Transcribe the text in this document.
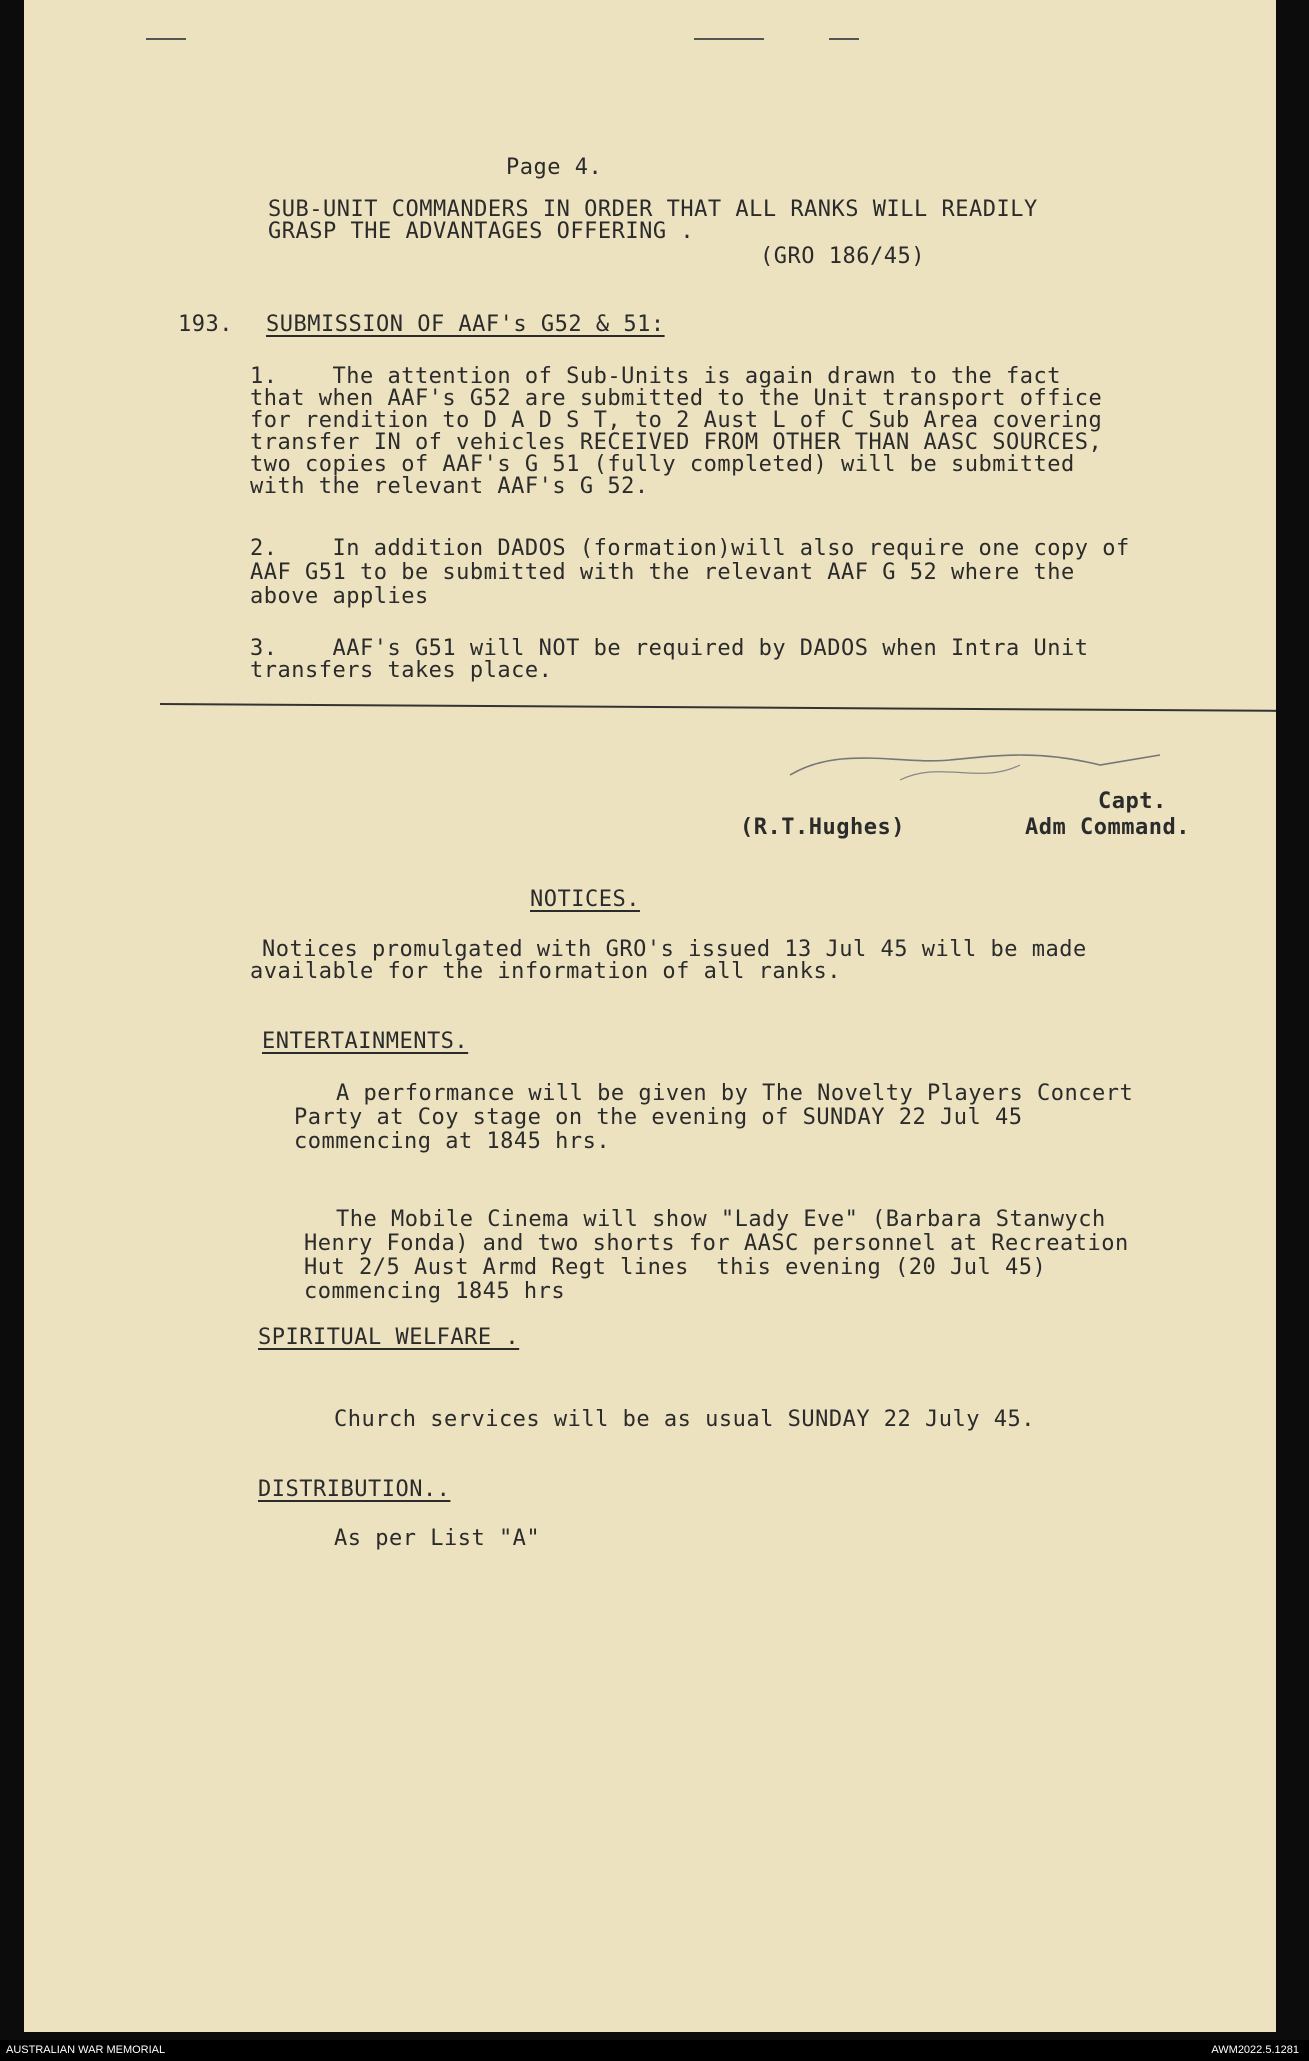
Page 4.
SUB-UNIT COMMANDERS IN ORDER THAT ALL RANKS WILL READILY
GRASP THE ADVANTAGES OFFERING .
(GRO 186/45)
193. SUBMISSION OF AAF's G52 & 51:
1.    The attention of Sub-Units is again drawn to the fact
that when AAF's G52 are submitted to the Unit transport office
for rendition to D A D S T, to 2 Aust L of C Sub Area covering
transfer IN of vehicles RECEIVED FROM OTHER THAN AASC SOURCES,
two copies of AAF's G 51 (fully completed) will be submitted
with the relevant AAF's G 52.
2.    In addition DADOS (formation)will also require one copy of
AAF G51 to be submitted with the relevant AAF G 52 where the
above applies
3.    AAF's G51 will NOT be required by DADOS when Intra Unit
transfers takes place.
Capt.
(R.T.Hughes)	Adm Command.
NOTICES.
Notices promulgated with GRO's issued 13 Jul 45 will be made
available for the information of all ranks.
ENTERTAINMENTS.
A performance will be given by The Novelty Players Concert
Party at Coy stage on the evening of SUNDAY 22 Jul 45
commencing at 1845 hrs.
The Mobile Cinema will show "Lady Eve" (Barbara Stanwych
Henry Fonda) and two shorts for AASC personnel at Recreation
Hut 2/5 Aust Armd Regt lines  this evening (20 Jul 45)
commencing 1845 hrs
SPIRITUAL WELFARE .
Church services will be as usual SUNDAY 22 July 45.
DISTRIBUTION..
As per List "A"
AUSTRALIAN WAR MEMORIAL	AWM2022.5.1281
